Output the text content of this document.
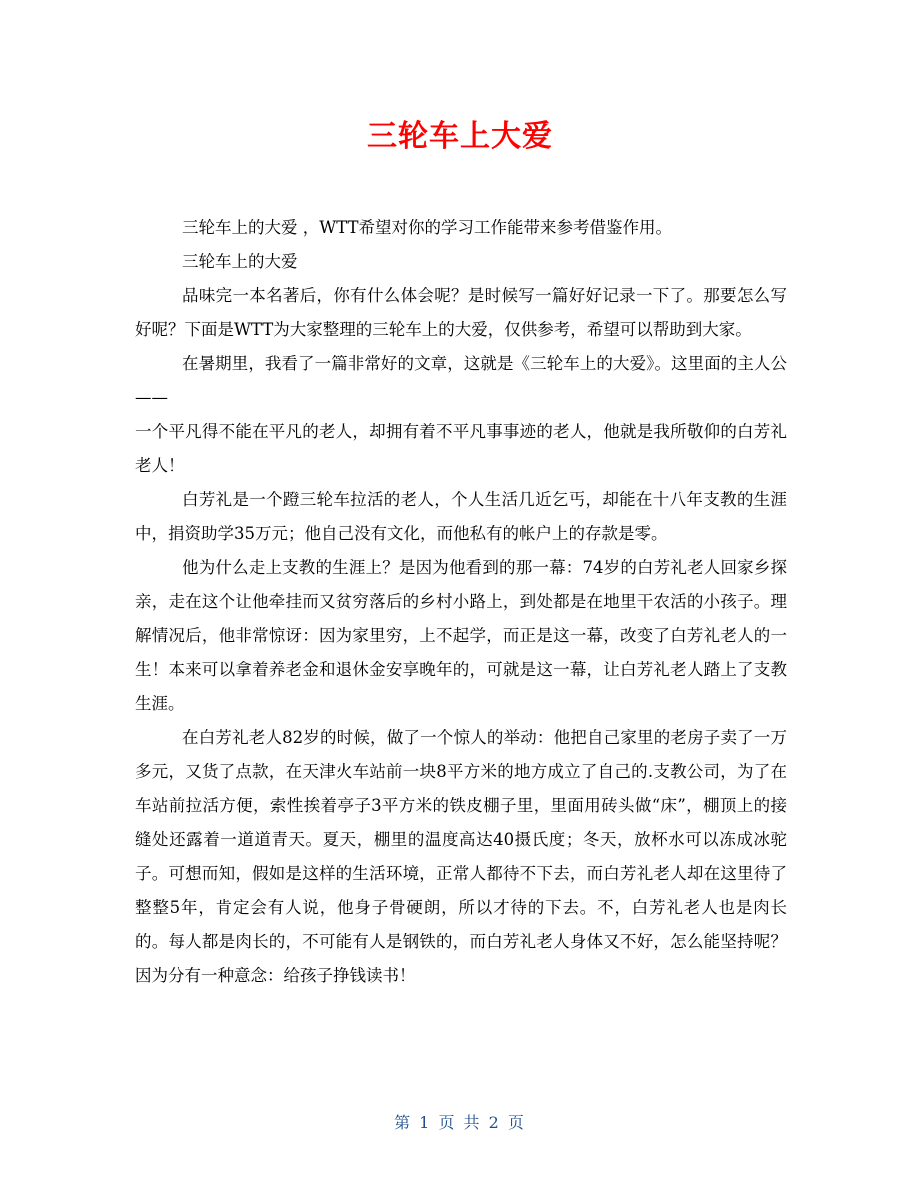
三轮车上大爱

三轮车上的大爱 ，WTT希望对你的学习工作能带来参考借鉴作用。

三轮车上的大爱

品味完一本名著后，你有什么体会呢？是时候写一篇好好记录一下了。那要怎么写好呢？下面是WTT为大家整理的三轮车上的大爱，仅供参考，希望可以帮助到大家。

在暑期里，我看了一篇非常好的文章，这就是《三轮车上的大爱》。这里面的主人公——

一个平凡得不能在平凡的老人，却拥有着不平凡事事迹的老人，他就是我所敬仰的白芳礼老人！

白芳礼是一个蹬三轮车拉活的老人，个人生活几近乞丐，却能在十八年支教的生涯中，捐资助学35万元；他自己没有文化，而他私有的帐户上的存款是零。

他为什么走上支教的生涯上？是因为他看到的那一幕：74岁的白芳礼老人回家乡探亲，走在这个让他牵挂而又贫穷落后的乡村小路上，到处都是在地里干农活的小孩子。理解情况后，他非常惊讶：因为家里穷，上不起学，而正是这一幕，改变了白芳礼老人的一生！本来可以拿着养老金和退休金安享晚年的，可就是这一幕，让白芳礼老人踏上了支教生涯。

在白芳礼老人82岁的时候，做了一个惊人的举动：他把自己家里的老房子卖了一万多元，又货了点款，在天津火车站前一块8平方米的地方成立了自己的.支教公司，为了在车站前拉活方便，索性挨着亭子3平方米的铁皮棚子里，里面用砖头做“床”，棚顶上的接缝处还露着一道道青天。夏天，棚里的温度高达40摄氏度；冬天，放杯水可以冻成冰驼子。可想而知，假如是这样的生活环境，正常人都待不下去，而白芳礼老人却在这里待了整整5年，肯定会有人说，他身子骨硬朗，所以才待的下去。不，白芳礼老人也是肉长的。每人都是肉长的，不可能有人是钢铁的，而白芳礼老人身体又不好，怎么能坚持呢？因为分有一种意念：给孩子挣钱读书！

第 1 页 共 2 页
